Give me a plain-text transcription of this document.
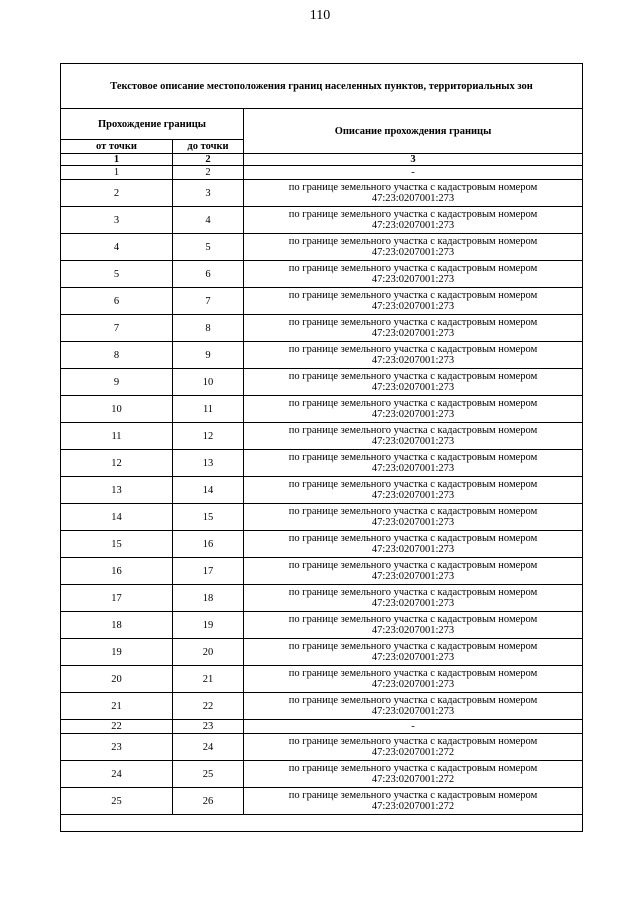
110
Текстовое описание местоположения границ населенных пунктов, территориальных зон		
Прохождение границы		Описание прохождения границы
от точки	до точки	
1	2	3
1	2	-

2	3	по границе земельного участка с кадастровым номером
47:23:0207001:273

3	4	по границе земельного участка с кадастровым номером
47:23:0207001:273

4	5	по границе земельного участка с кадастровым номером
47:23:0207001:273

5	6	по границе земельного участка с кадастровым номером
47:23:0207001:273

6	7	по границе земельного участка с кадастровым номером
47:23:0207001:273

7	8	по границе земельного участка с кадастровым номером
47:23:0207001:273

8	9	по границе земельного участка с кадастровым номером
47:23:0207001:273

9	10	по границе земельного участка с кадастровым номером
47:23:0207001:273

10	11	по границе земельного участка с кадастровым номером
47:23:0207001:273

11	12	по границе земельного участка с кадастровым номером
47:23:0207001:273

12	13	по границе земельного участка с кадастровым номером
47:23:0207001:273

13	14	по границе земельного участка с кадастровым номером
47:23:0207001:273

14	15	по границе земельного участка с кадастровым номером
47:23:0207001:273

15	16	по границе земельного участка с кадастровым номером
47:23:0207001:273

16	17	по границе земельного участка с кадастровым номером
47:23:0207001:273

17	18	по границе земельного участка с кадастровым номером
47:23:0207001:273

18	19	по границе земельного участка с кадастровым номером
47:23:0207001:273

19	20	по границе земельного участка с кадастровым номером
47:23:0207001:273

20	21	по границе земельного участка с кадастровым номером
47:23:0207001:273

21	22	по границе земельного участка с кадастровым номером
47:23:0207001:273

22	23	-

23	24	по границе земельного участка с кадастровым номером
47:23:0207001:272

24	25	по границе земельного участка с кадастровым номером
47:23:0207001:272

25	26	по границе земельного участка с кадастровым номером
47:23:0207001:272
